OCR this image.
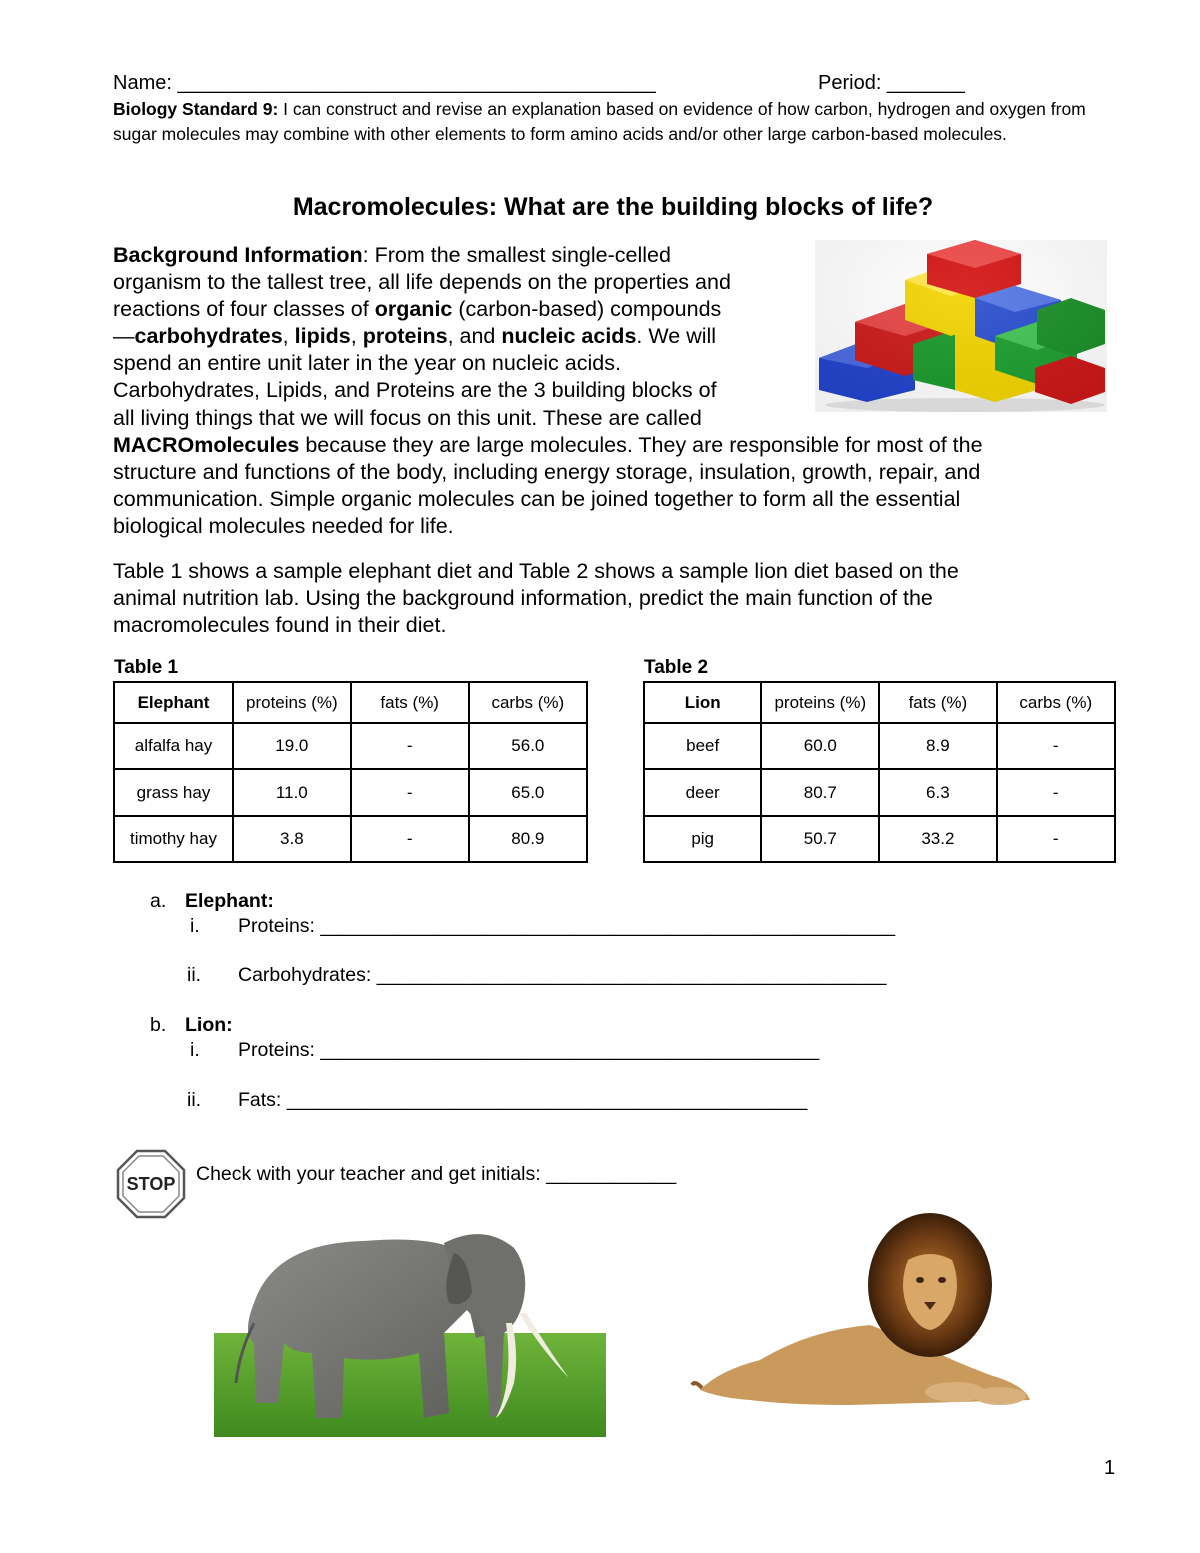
Name: ___________________________________________	Period: _______
Biology Standard 9: I can construct and revise an explanation based on evidence of how carbon, hydrogen and oxygen from sugar molecules may combine with other elements to form amino acids and/or other large carbon-based molecules.
Macromolecules: What are the building blocks of life?
Background Information: From the smallest single-celled
organism to the tallest tree, all life depends on the properties and
reactions of four classes of organic (carbon-based) compounds
—carbohydrates, lipids, proteins, and nucleic acids. We will
spend an entire unit later in the year on nucleic acids.
Carbohydrates, Lipids, and Proteins are the 3 building blocks of
all living things that we will focus on this unit. These are called
MACROmolecules because they are large molecules. They are responsible for most of the
structure and functions of the body, including energy storage, insulation, growth, repair, and
communication. Simple organic molecules can be joined together to form all the essential
biological molecules needed for life.
Table 1 shows a sample elephant diet and Table 2 shows a sample lion diet based on the
animal nutrition lab. Using the background information, predict the main function of the
macromolecules found in their diet.
Table 1
Elephant	proteins (%)	fats (%)	carbs (%)
alfalfa hay	19.0	-	56.0
grass hay	11.0	-	65.0
timothy hay	3.8	-	80.9
Table 2
Lion	proteins (%)	fats (%)	carbs (%)
beef	60.0	8.9	-
deer	80.7	6.3	-
pig	50.7	33.2	-
a. Elephant:
i. Proteins: _____________________________________________________
ii. Carbohydrates: _______________________________________________
b. Lion:
i. Proteins: ______________________________________________
ii. Fats: ________________________________________________
STOP Check with your teacher and get initials: ____________
1
